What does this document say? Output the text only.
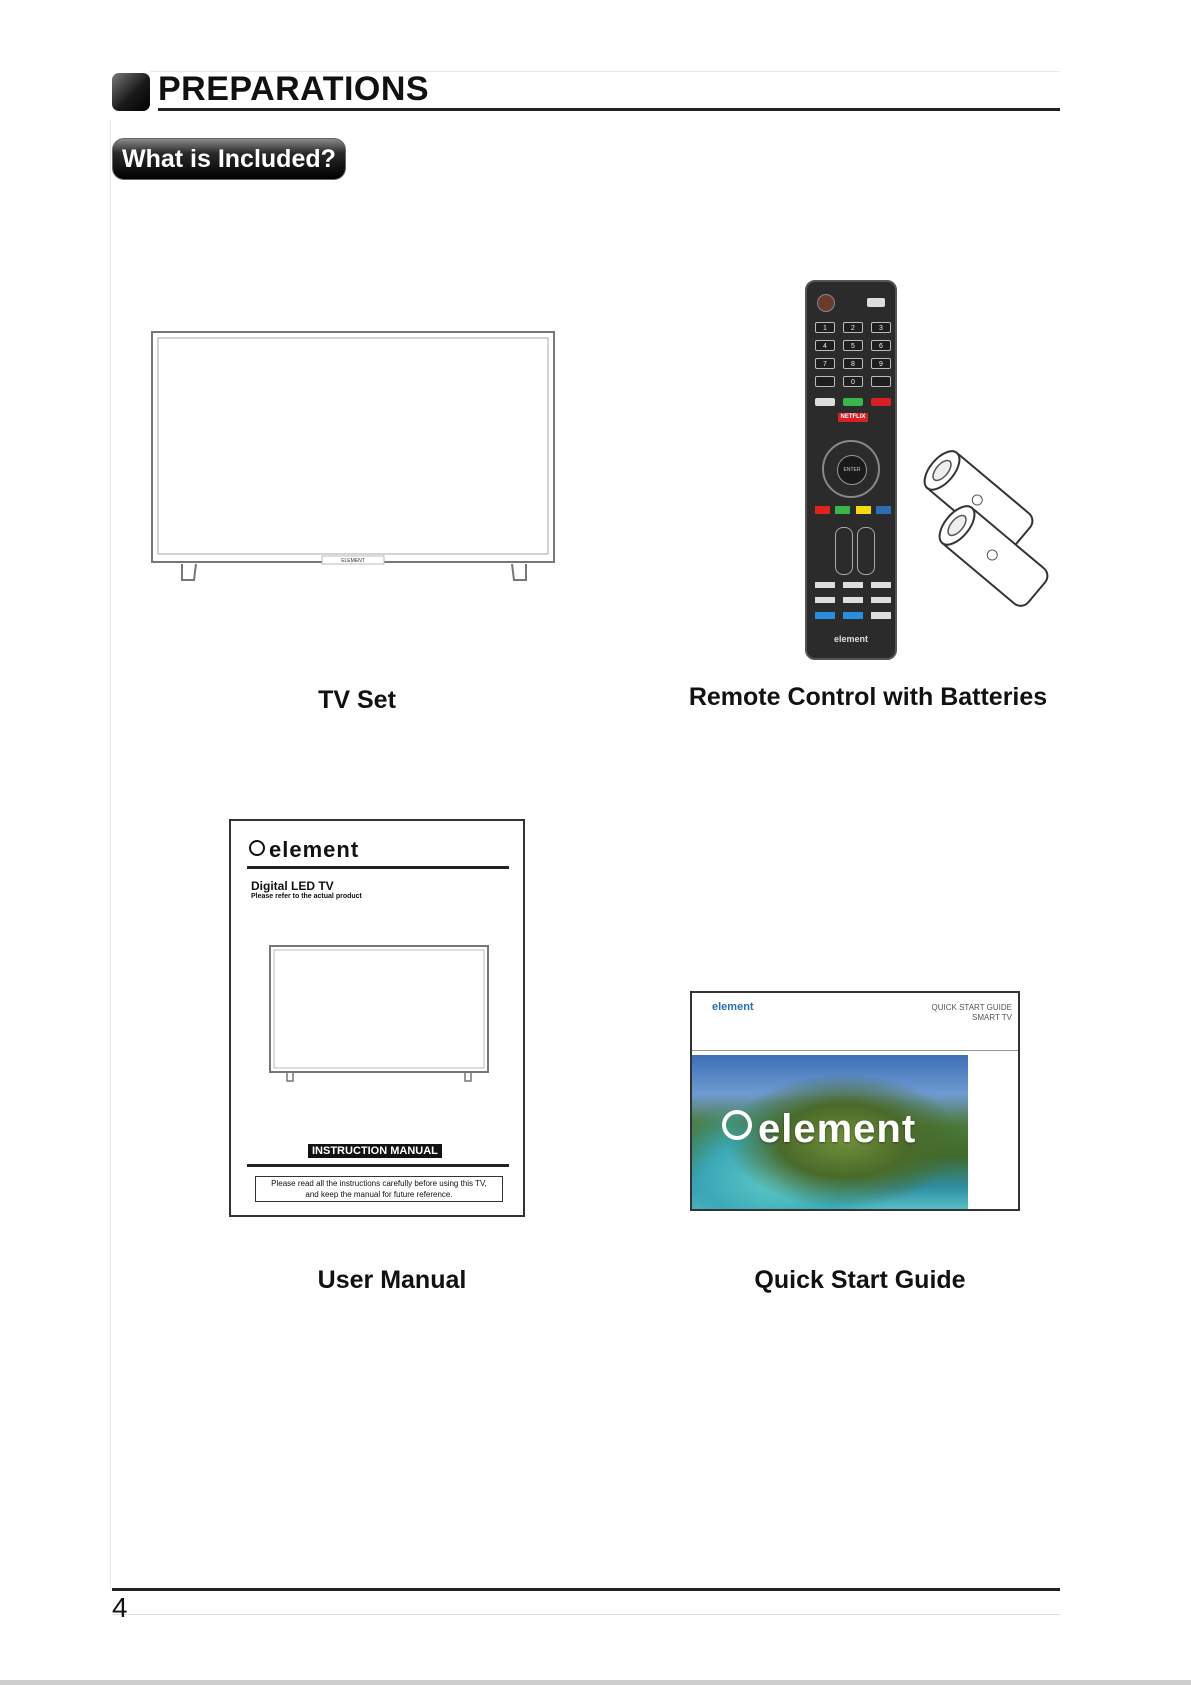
PREPARATIONS
What is Included?
ELEMENT
TV Set
1	2	3
4	5	6
7	8	9
0
NETFLIX
ENTER
element
Remote Control with Batteries
element
Digital LED TV
Please refer to the actual product
INSTRUCTION MANUAL
Please read all the instructions carefully before using this TV,
and keep the manual for future reference.
User Manual
element	QUICK START GUIDE
SMART TV
element
Quick Start Guide
4
